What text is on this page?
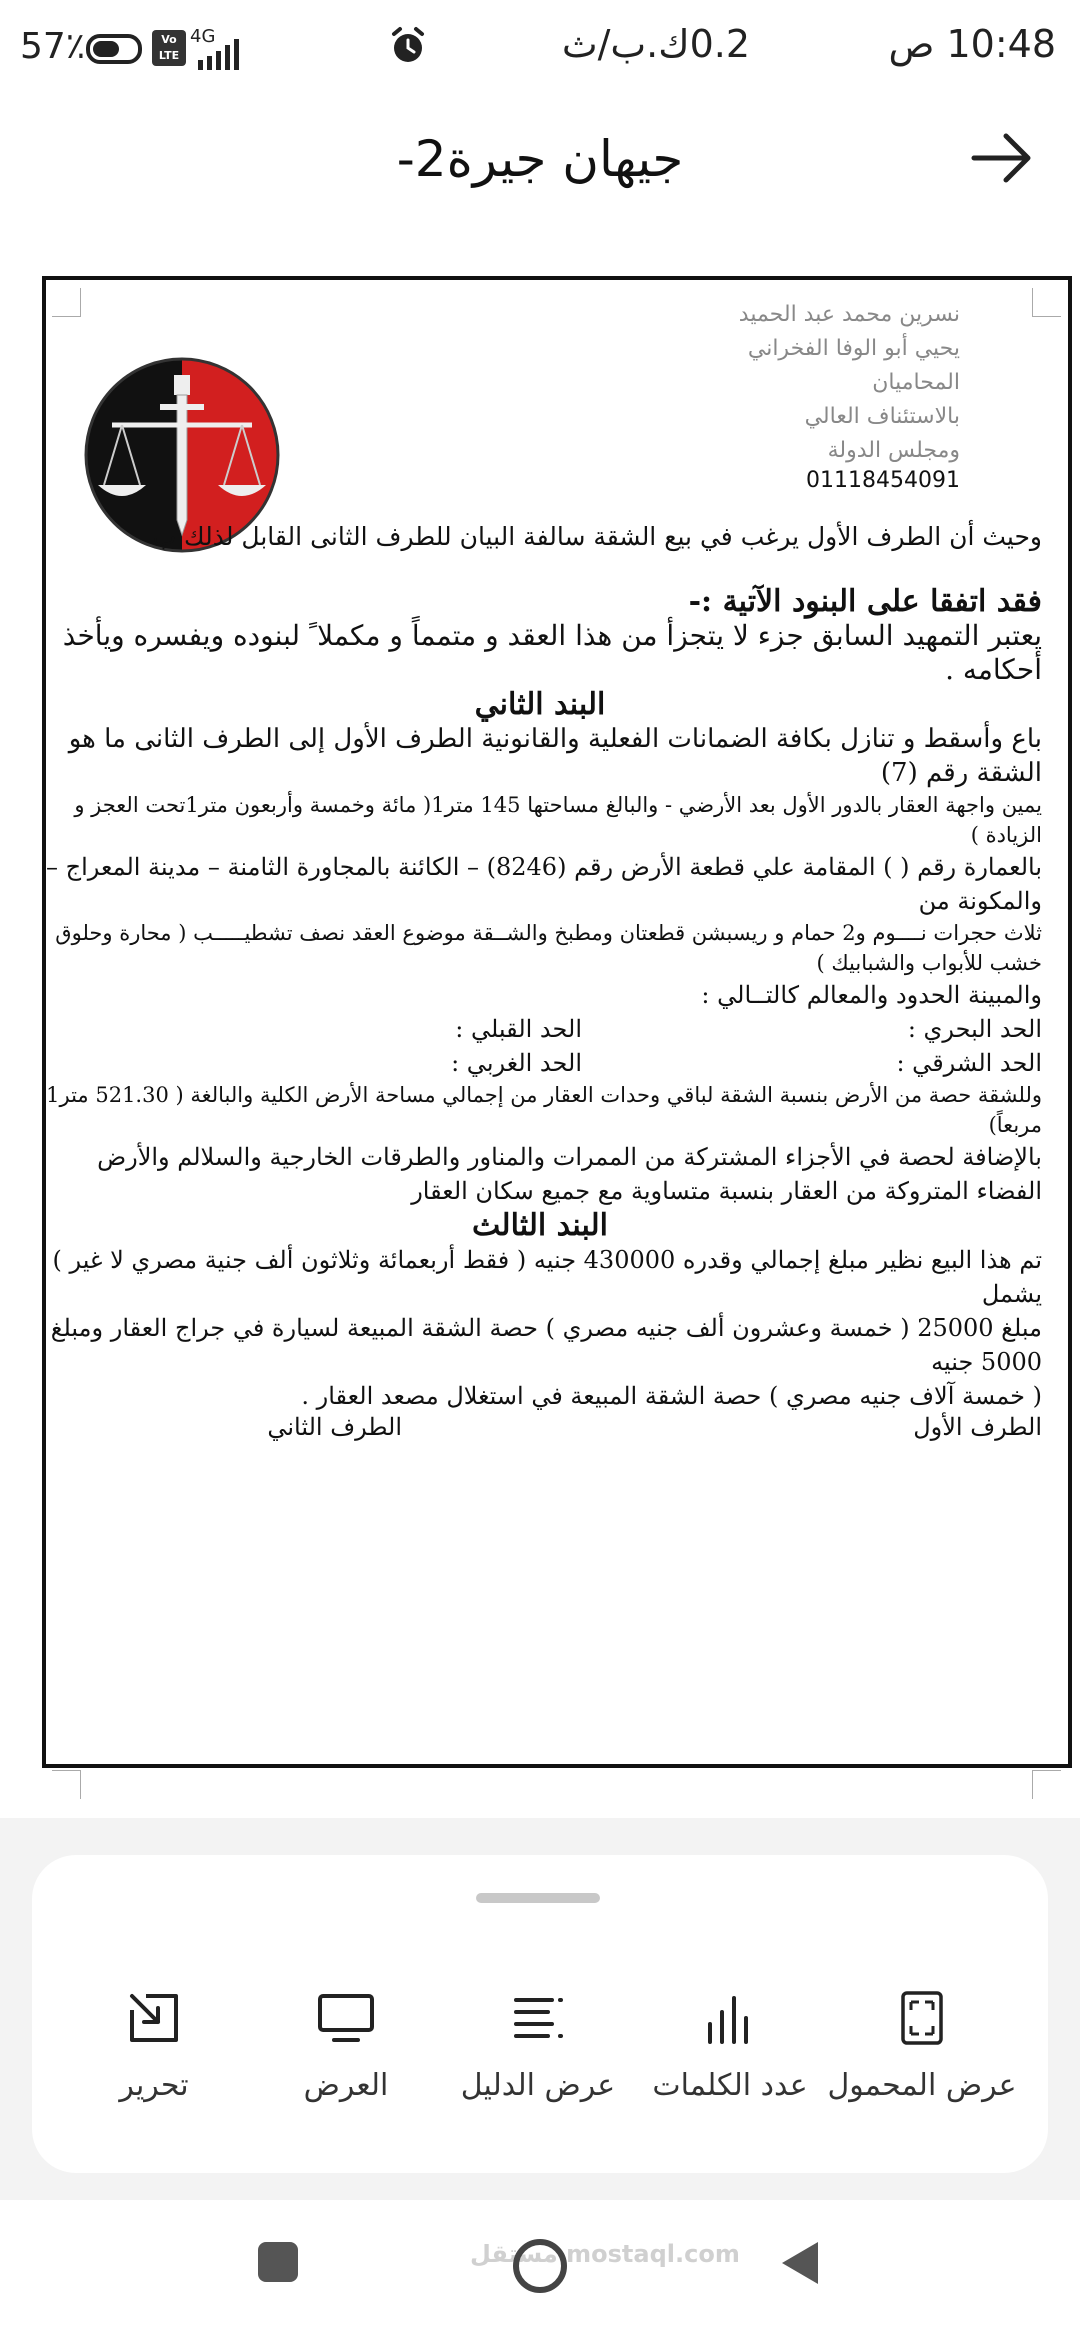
10:48 ص
0.2ك.ب/ث
57٪	Vo LTE
4G
جيهان جيرة2-
نسرين محمد عبد الحميد
يحيي أبو الوفا الفخراني
المحاميان
بالاستئناف العالي
ومجلس الدولة
01118454091
وحيث أن الطرف الأول يرغب في بيع الشقة سالفة البيان للطرف الثانى القابل لذلك ب
فقد اتفقا على البنود الآتية :-
يعتبر التمهيد السابق جزء لا يتجزأ من هذا العقد و متمماً و مكملا ً لبنوده ويفسره ويأخذ أحكامه .
البند الثاني
باع وأسقط و تنازل بكافة الضمانات الفعلية والقانونية الطرف الأول إلى الطرف الثانى ما هو الشقة رقم (7)
يمين واجهة العقار بالدور الأول بعد الأرضي - والبالغ مساحتها 145 متر1( مائة وخمسة وأربعون متر1تحت العجز و الزيادة )
بالعمارة رقم ( ) المقامة علي قطعة الأرض رقم (8246) – الكائنة بالمجاورة الثامنة – مدينة المعراج – والمكونة من
ثلاث حجرات نــــوم و2 حمام و ريسبشن قطعتان ومطبخ والشــقة موضوع العقد نصف تشطيـــــب ( محارة وحلوق خشب للأبواب والشبابيك )
والمبينة الحدود والمعالم كالتــالي :
الحد البحري :
الحد القبلي :
الحد الشرقي :
الحد الغربي :
وللشقة حصة من الأرض بنسبة الشقة لباقي وحدات العقار من إجمالي مساحة الأرض الكلية والبالغة ( 521.30 متر1 مربعاً)
بالإضافة لحصة في الأجزاء المشتركة من الممرات والمناور والطرقات الخارجية والسلالم والأرض الفضاء المتروكة من العقار بنسبة متساوية مع جميع سكان العقار
البند الثالث
تم هذا البيع نظير مبلغ إجمالي وقدره 430000 جنيه ( فقط أربعمائة وثلاثون ألف جنية مصري لا غير ) يشمل
مبلغ 25000 ( خمسة وعشرون ألف جنيه مصري ) حصة الشقة المبيعة لسيارة في جراج العقار ومبلغ 5000 جنيه
( خمسة آلاف جنيه مصري ) حصة الشقة المبيعة في استغلال مصعد العقار .
الطرف الأول
الطرف الثاني
عرض المحمول
عدد الكلمات
عرض الدليل
العرض
تحرير
مستقل mostaql.com
